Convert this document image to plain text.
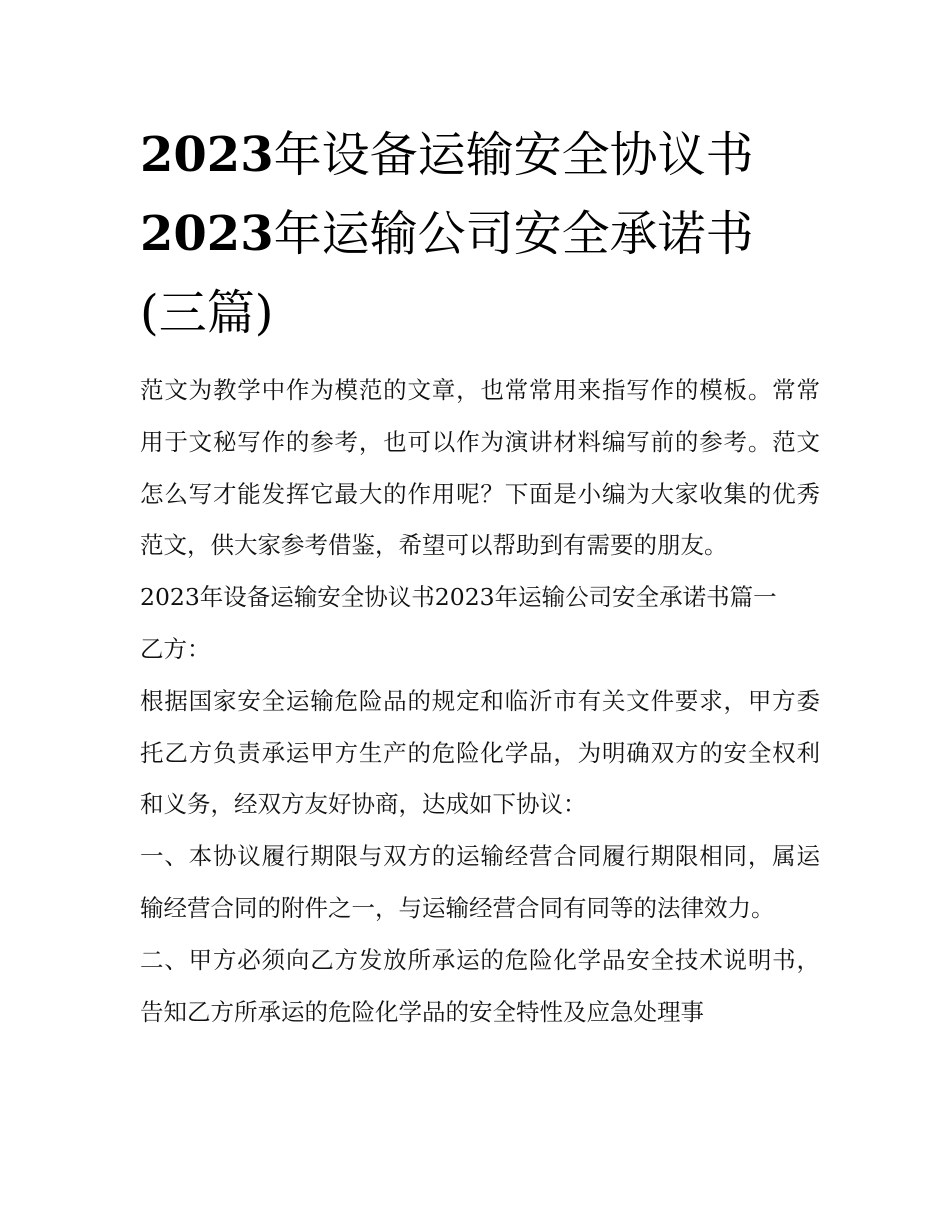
2023年设备运输安全协议书
2023年运输公司安全承诺书
(三篇)

范文为教学中作为模范的文章，也常常用来指写作的模板。常常用于文秘写作的参考，也可以作为演讲材料编写前的参考。范文怎么写才能发挥它最大的作用呢？下面是小编为大家收集的优秀范文，供大家参考借鉴，希望可以帮助到有需要的朋友。

2023年设备运输安全协议书2023年运输公司安全承诺书篇一

乙方：

根据国家安全运输危险品的规定和临沂市有关文件要求，甲方委托乙方负责承运甲方生产的危险化学品，为明确双方的安全权利和义务，经双方友好协商，达成如下协议：

一、本协议履行期限与双方的运输经营合同履行期限相同，属运输经营合同的附件之一，与运输经营合同有同等的法律效力。

二、甲方必须向乙方发放所承运的危险化学品安全技术说明书，告知乙方所承运的危险化学品的安全特性及应急处理事
